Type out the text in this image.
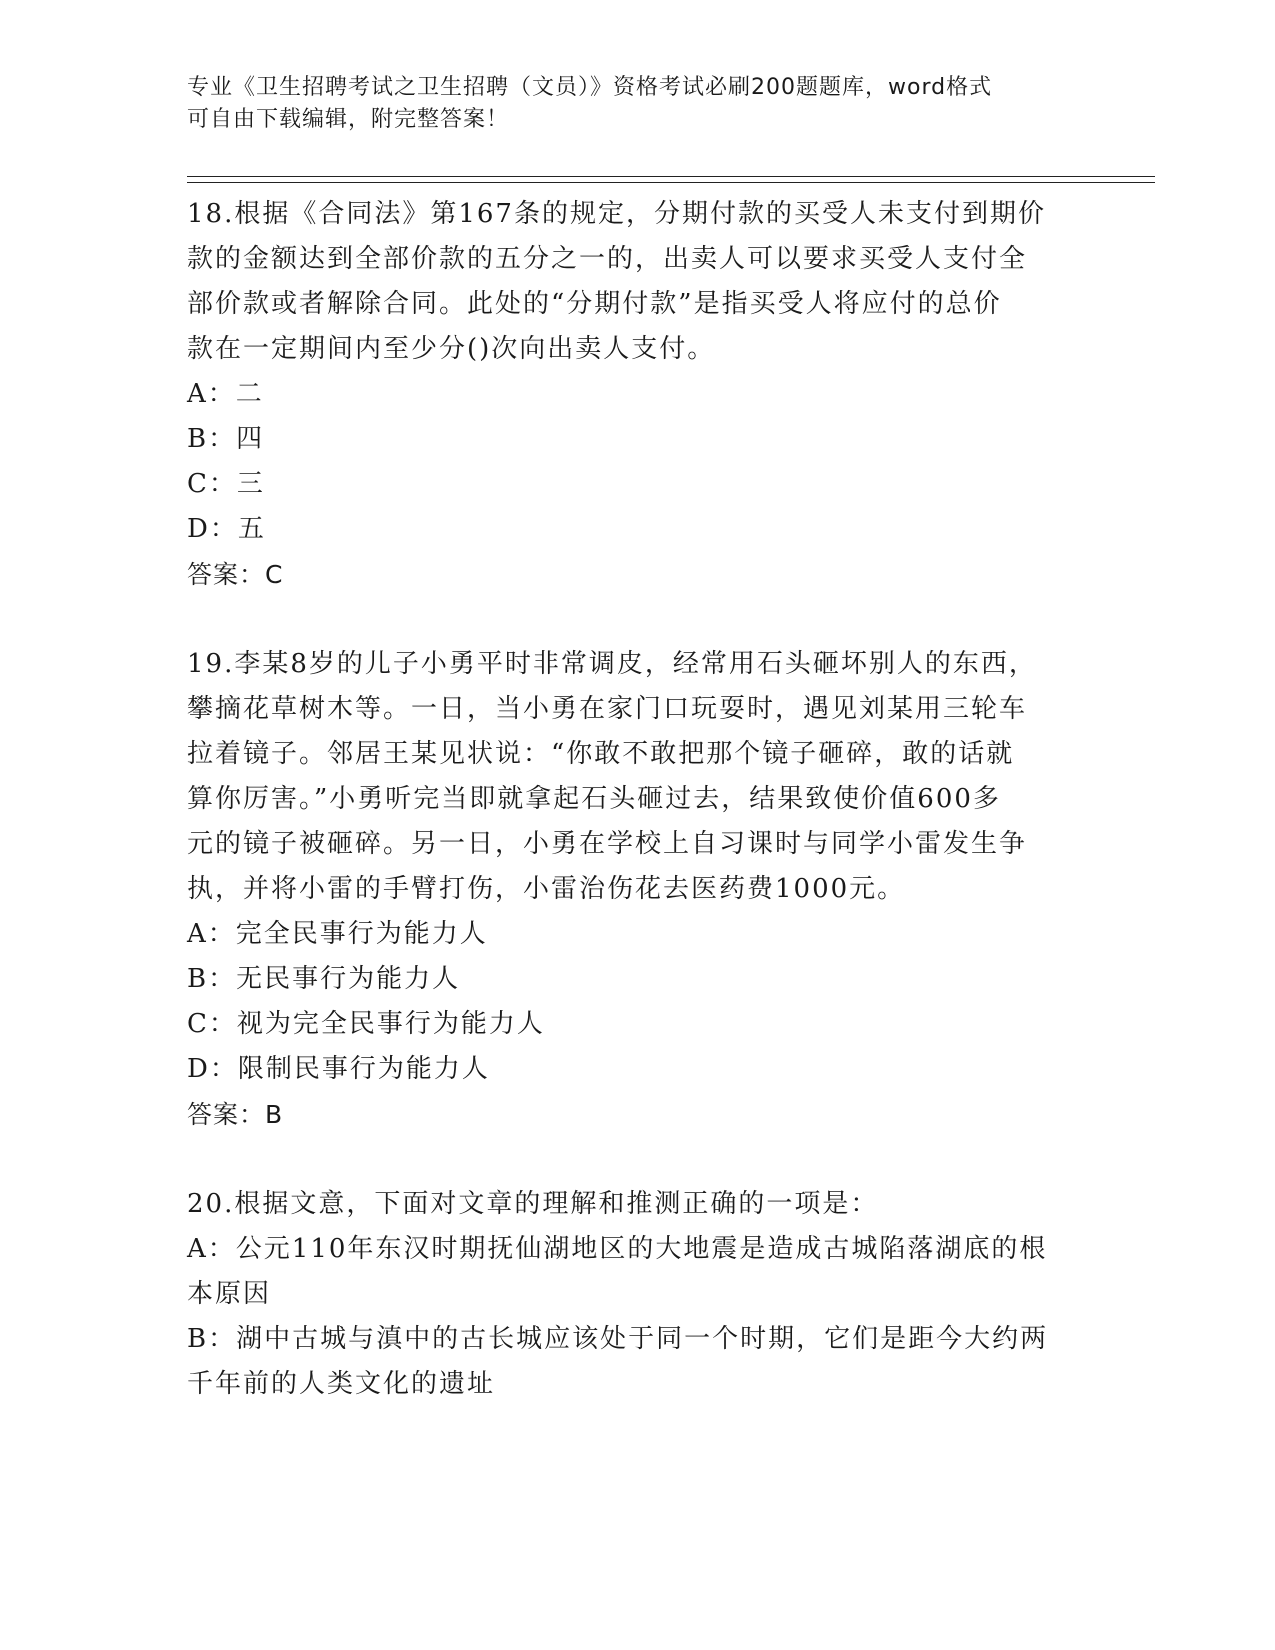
专业《卫生招聘考试之卫生招聘（文员）》资格考试必刷200题题库，word格式
可自由下载编辑，附完整答案！
18.根据《合同法》第167条的规定，分期付款的买受人未支付到期价
款的金额达到全部价款的五分之一的，出卖人可以要求买受人支付全
部价款或者解除合同。此处的“分期付款”是指买受人将应付的总价
款在一定期间内至少分()次向出卖人支付。
A：二
B：四
C：三
D：五
答案：C
19.李某8岁的儿子小勇平时非常调皮，经常用石头砸坏别人的东西，
攀摘花草树木等。一日，当小勇在家门口玩耍时，遇见刘某用三轮车
拉着镜子。邻居王某见状说：“你敢不敢把那个镜子砸碎，敢的话就
算你厉害。”小勇听完当即就拿起石头砸过去，结果致使价值600多
元的镜子被砸碎。另一日，小勇在学校上自习课时与同学小雷发生争
执，并将小雷的手臂打伤，小雷治伤花去医药费1000元。
A：完全民事行为能力人
B：无民事行为能力人
C：视为完全民事行为能力人
D：限制民事行为能力人
答案：B
20.根据文意，下面对文章的理解和推测正确的一项是：
A：公元110年东汉时期抚仙湖地区的大地震是造成古城陷落湖底的根
本原因
B：湖中古城与滇中的古长城应该处于同一个时期，它们是距今大约两
千年前的人类文化的遗址
